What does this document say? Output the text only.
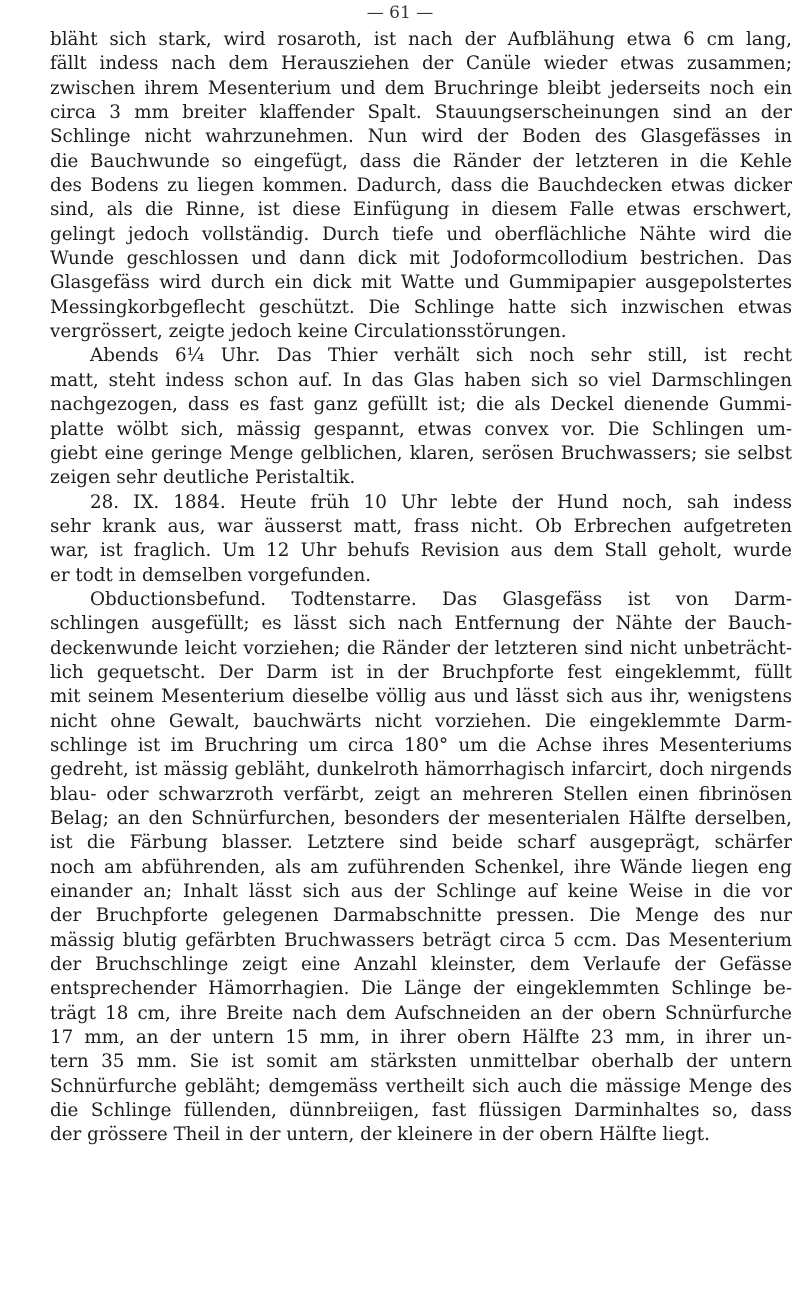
— 61 —
bläht sich stark, wird rosaroth, ist nach der Aufblähung etwa 6 cm lang,
fällt indess nach dem Herausziehen der Canüle wieder etwas zusammen;
zwischen ihrem Mesenterium und dem Bruchringe bleibt jederseits noch ein
circa 3 mm breiter klaffender Spalt. Stauungserscheinungen sind an der
Schlinge nicht wahrzunehmen. Nun wird der Boden des Glasgefässes in
die Bauchwunde so eingefügt, dass die Ränder der letzteren in die Kehle
des Bodens zu liegen kommen. Dadurch, dass die Bauchdecken etwas dicker
sind, als die Rinne, ist diese Einfügung in diesem Falle etwas erschwert,
gelingt jedoch vollständig. Durch tiefe und oberflächliche Nähte wird die
Wunde geschlossen und dann dick mit Jodoformcollodium bestrichen. Das
Glasgefäss wird durch ein dick mit Watte und Gummipapier ausgepolstertes
Messingkorbgeflecht geschützt. Die Schlinge hatte sich inzwischen etwas
vergrössert, zeigte jedoch keine Circulationsstörungen.
Abends 6¼ Uhr. Das Thier verhält sich noch sehr still, ist recht
matt, steht indess schon auf. In das Glas haben sich so viel Darmschlingen
nachgezogen, dass es fast ganz gefüllt ist; die als Deckel dienende Gummi-
platte wölbt sich, mässig gespannt, etwas convex vor. Die Schlingen um-
giebt eine geringe Menge gelblichen, klaren, serösen Bruchwassers; sie selbst
zeigen sehr deutliche Peristaltik.
28. IX. 1884. Heute früh 10 Uhr lebte der Hund noch, sah indess
sehr krank aus, war äusserst matt, frass nicht. Ob Erbrechen aufgetreten
war, ist fraglich. Um 12 Uhr behufs Revision aus dem Stall geholt, wurde
er todt in demselben vorgefunden.
Obductionsbefund. Todtenstarre. Das Glasgefäss ist von Darm-
schlingen ausgefüllt; es lässt sich nach Entfernung der Nähte der Bauch-
deckenwunde leicht vorziehen; die Ränder der letzteren sind nicht unbeträcht-
lich gequetscht. Der Darm ist in der Bruchpforte fest eingeklemmt, füllt
mit seinem Mesenterium dieselbe völlig aus und lässt sich aus ihr, wenigstens
nicht ohne Gewalt, bauchwärts nicht vorziehen. Die eingeklemmte Darm-
schlinge ist im Bruchring um circa 180° um die Achse ihres Mesenteriums
gedreht, ist mässig gebläht, dunkelroth hämorrhagisch infarcirt, doch nirgends
blau- oder schwarzroth verfärbt, zeigt an mehreren Stellen einen fibrinösen
Belag; an den Schnürfurchen, besonders der mesenterialen Hälfte derselben,
ist die Färbung blasser. Letztere sind beide scharf ausgeprägt, schärfer
noch am abführenden, als am zuführenden Schenkel, ihre Wände liegen eng
einander an; Inhalt lässt sich aus der Schlinge auf keine Weise in die vor
der Bruchpforte gelegenen Darmabschnitte pressen. Die Menge des nur
mässig blutig gefärbten Bruchwassers beträgt circa 5 ccm. Das Mesenterium
der Bruchschlinge zeigt eine Anzahl kleinster, dem Verlaufe der Gefässe
entsprechender Hämorrhagien. Die Länge der eingeklemmten Schlinge be-
trägt 18 cm, ihre Breite nach dem Aufschneiden an der obern Schnürfurche
17 mm, an der untern 15 mm, in ihrer obern Hälfte 23 mm, in ihrer un-
tern 35 mm. Sie ist somit am stärksten unmittelbar oberhalb der untern
Schnürfurche gebläht; demgemäss vertheilt sich auch die mässige Menge des
die Schlinge füllenden, dünnbreiigen, fast flüssigen Darminhaltes so, dass
der grössere Theil in der untern, der kleinere in der obern Hälfte liegt.
